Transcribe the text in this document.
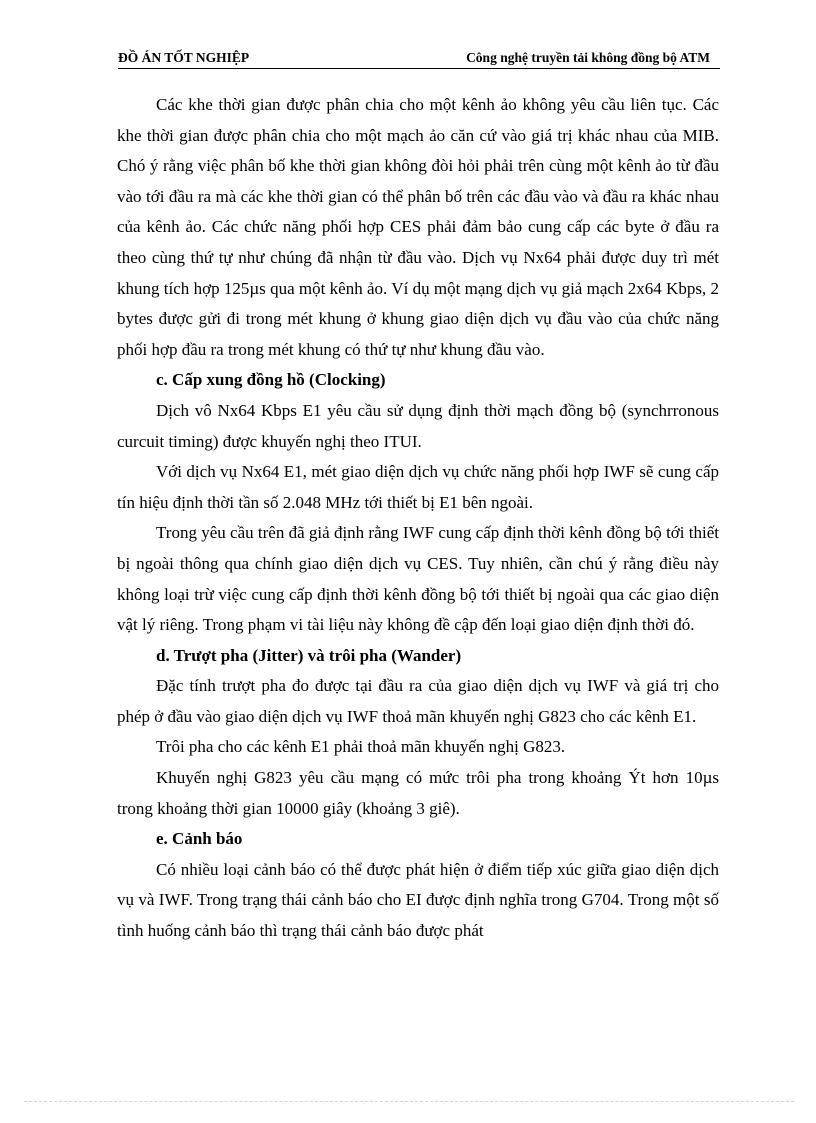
ĐỒ ÁN TỐT NGHIỆP	Công nghệ truyền tải không đồng bộ ATM

Các khe thời gian được phân chia cho một kênh ảo không yêu cầu liên tục. Các khe thời gian được phân chia cho một mạch ảo căn cứ vào giá trị khác nhau của MIB. Chó ý rằng việc phân bố khe thời gian không đòi hỏi phải trên cùng một kênh ảo từ đầu vào tới đầu ra mà các khe thời gian có thể phân bố trên các đầu vào và đầu ra khác nhau của kênh ảo. Các chức năng phối hợp CES phải đảm bảo cung cấp các byte ở đầu ra theo cùng thứ tự như chúng đã nhận từ đầu vào. Dịch vụ Nx64 phải được duy trì mét khung tích hợp 125µs qua một kênh ảo. Ví dụ một mạng dịch vụ giả mạch 2x64 Kbps, 2 bytes được gửi đi trong mét khung ở khung giao diện dịch vụ đầu vào của chức năng phối hợp đầu ra trong mét khung có thứ tự như khung đầu vào.

c. Cấp xung đồng hồ (Clocking)

Dịch vô Nx64 Kbps E1 yêu cầu sử dụng định thời mạch đồng bộ (synchrronous curcuit timing) được khuyến nghị theo ITUI.

Với dịch vụ Nx64 E1, mét giao diện dịch vụ chức năng phối hợp IWF sẽ cung cấp tín hiệu định thời tần số 2.048 MHz tới thiết bị E1 bên ngoài.

Trong yêu cầu trên đã giả định rằng IWF cung cấp định thời kênh đồng bộ tới thiết bị ngoài thông qua chính giao diện dịch vụ CES. Tuy nhiên, cần chú ý rằng điều này không loại trừ việc cung cấp định thời kênh đồng bộ tới thiết bị ngoài qua các giao diện vật lý riêng. Trong phạm vi tài liệu này không đề cập đến loại giao diện định thời đó.

d. Trượt pha (Jitter) và trôi pha (Wander)

Đặc tính trượt pha đo được tại đầu ra của giao diện dịch vụ IWF và giá trị cho phép ở đầu vào giao diện dịch vụ IWF thoả mãn khuyến nghị G823 cho các kênh E1.

Trôi pha cho các kênh E1 phải thoả mãn khuyến nghị G823.

Khuyến nghị G823 yêu cầu mạng có mức trôi pha trong khoảng Ýt hơn 10µs trong khoảng thời gian 10000 giây (khoảng 3 giê).

e. Cảnh báo

Có nhiều loại cảnh báo có thể được phát hiện ở điểm tiếp xúc giữa giao diện dịch vụ và IWF. Trong trạng thái cảnh báo cho EI được định nghĩa trong G704. Trong một số tình huống cảnh báo thì trạng thái cảnh báo được phát
